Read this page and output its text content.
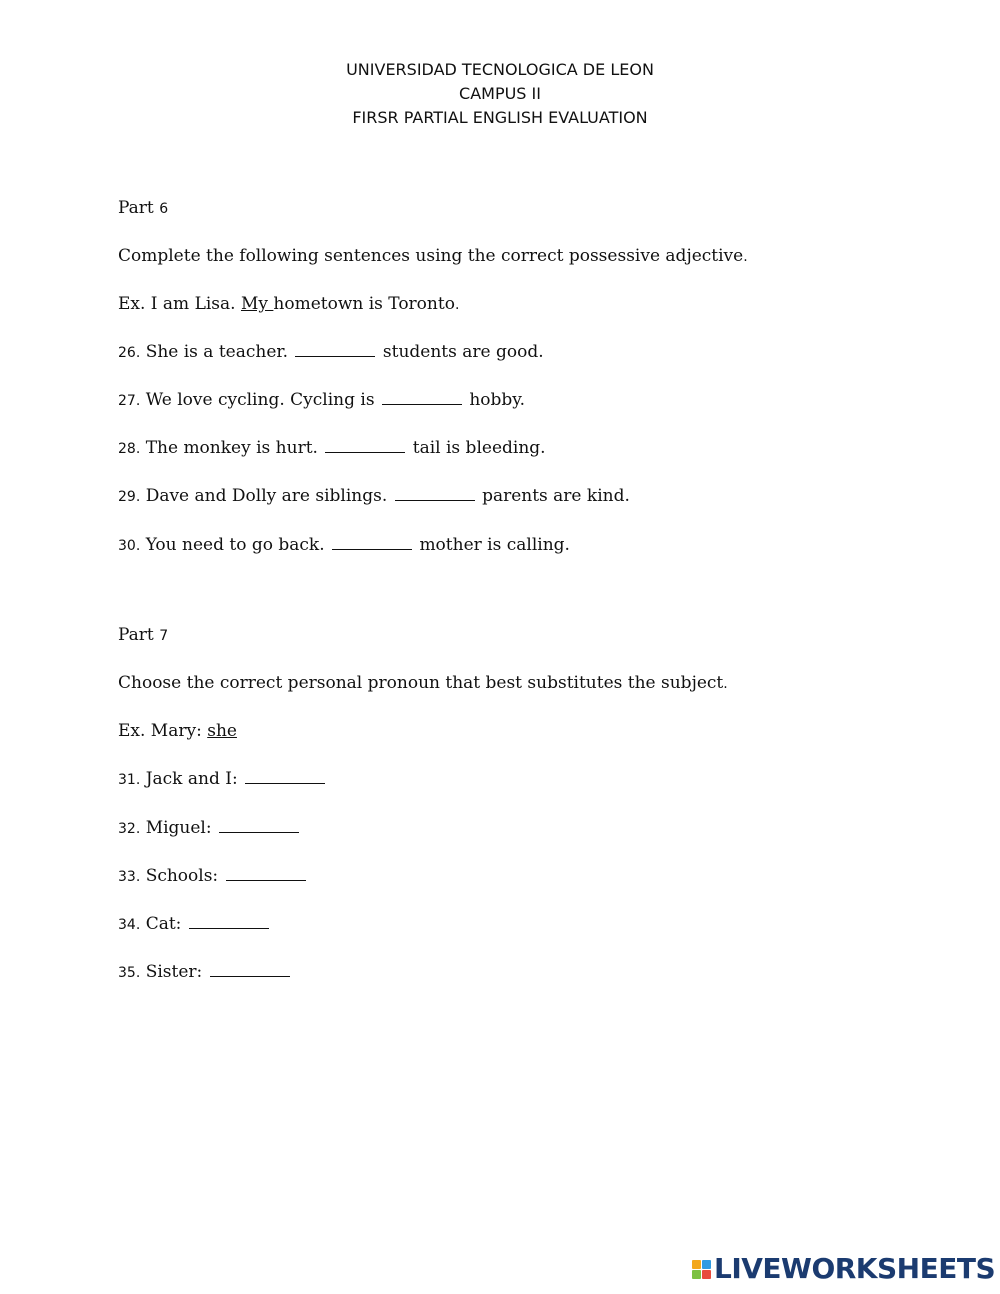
UNIVERSIDAD TECNOLOGICA DE LEON
CAMPUS II
FIRSR PARTIAL ENGLISH EVALUATION
Part 6
Complete the following sentences using the correct possessive adjective.
Ex. I am Lisa. My hometown is Toronto.
26. She is a teacher.	students are good.
27. We love cycling. Cycling is	hobby.
28. The monkey is hurt.	tail is bleeding.
29. Dave and Dolly are siblings.	parents are kind.
30. You need to go back.	mother is calling.
Part 7
Choose the correct personal pronoun that best substitutes the subject.
Ex. Mary: she
31. Jack and I:
32. Miguel:
33. Schools:
34. Cat:
35. Sister:
LIVEWORKSHEETS
